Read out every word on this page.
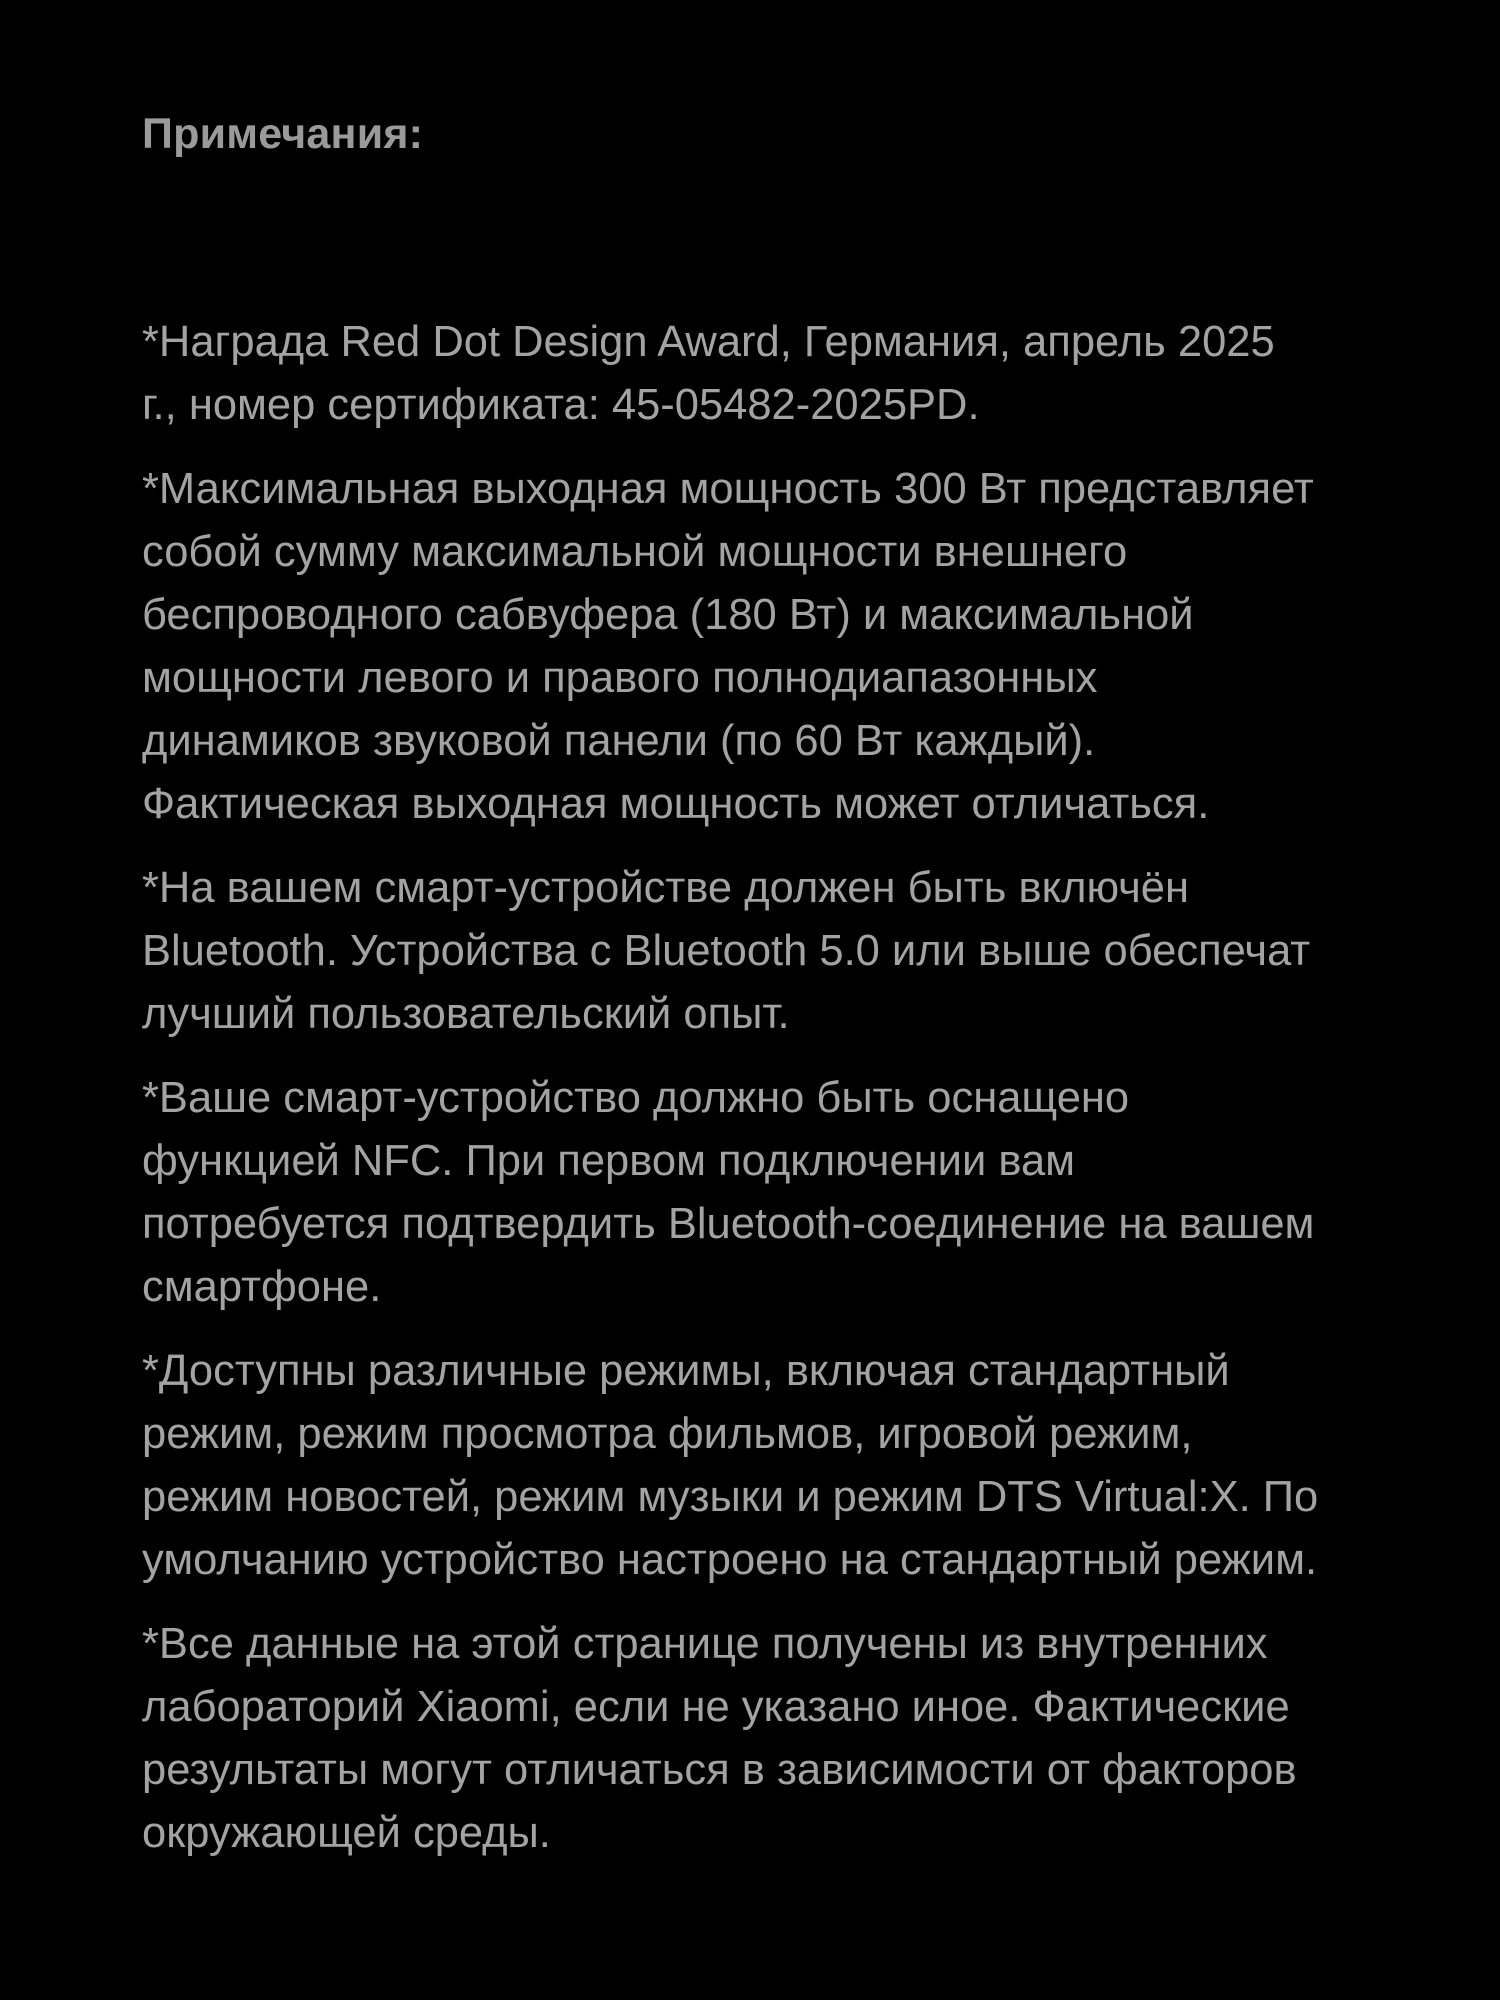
Примечания:
*Награда Red Dot Design Award, Германия, апрель 2025 г., номер сертификата: 45-05482-2025PD.
*Максимальная выходная мощность 300 Вт представляет собой сумму максимальной мощности внешнего беспроводного сабвуфера (180 Вт) и максимальной мощности левого и правого полнодиапазонных динамиков звуковой панели (по 60 Вт каждый). Фактическая выходная мощность может отличаться.
*На вашем смарт-устройстве должен быть включён Bluetooth. Устройства с Bluetooth 5.0 или выше обеспечат лучший пользовательский опыт.
*Ваше смарт-устройство должно быть оснащено функцией NFC. При первом подключении вам потребуется подтвердить Bluetooth-соединение на вашем смартфоне.
*Доступны различные режимы, включая стандартный режим, режим просмотра фильмов, игровой режим, режим новостей, режим музыки и режим DTS Virtual:X. По умолчанию устройство настроено на стандартный режим.
*Все данные на этой странице получены из внутренних лабораторий Xiaomi, если не указано иное. Фактические результаты могут отличаться в зависимости от факторов окружающей среды.
